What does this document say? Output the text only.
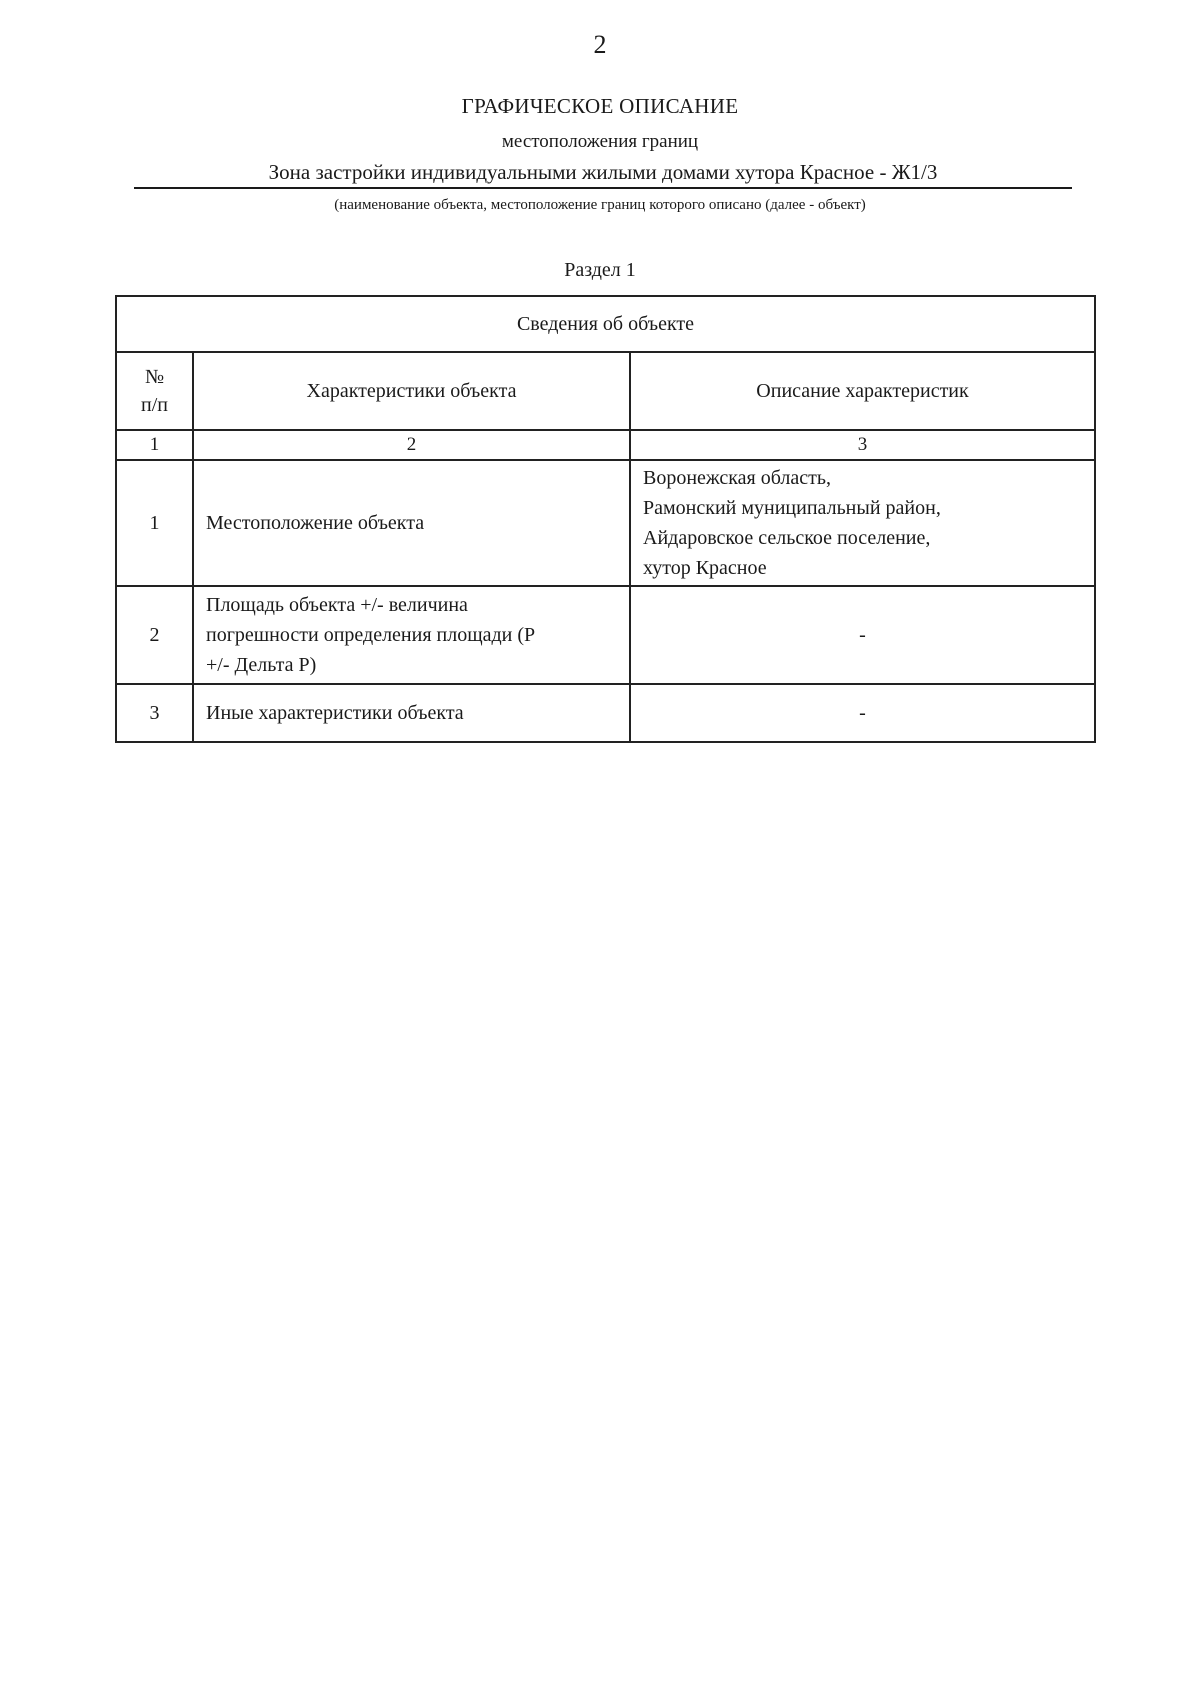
2
ГРАФИЧЕСКОЕ ОПИСАНИЕ
местоположения границ
Зона застройки индивидуальными жилыми домами хутора Красное - Ж1/3
(наименование объекта, местоположение границ которого описано (далее - объект)
Раздел 1
Сведения об объекте		

№
п/п	Характеристики объекта	Описание характеристик
1	2	3
1	Местоположение объекта	Воронежская область,
Рамонский муниципальный район,
Айдаровское сельское поселение,
хутор Красное

2	Площадь объекта +/- величина
погрешности определения площади (Р
+/- Дельта Р)	-
3	Иные характеристики объекта	-
